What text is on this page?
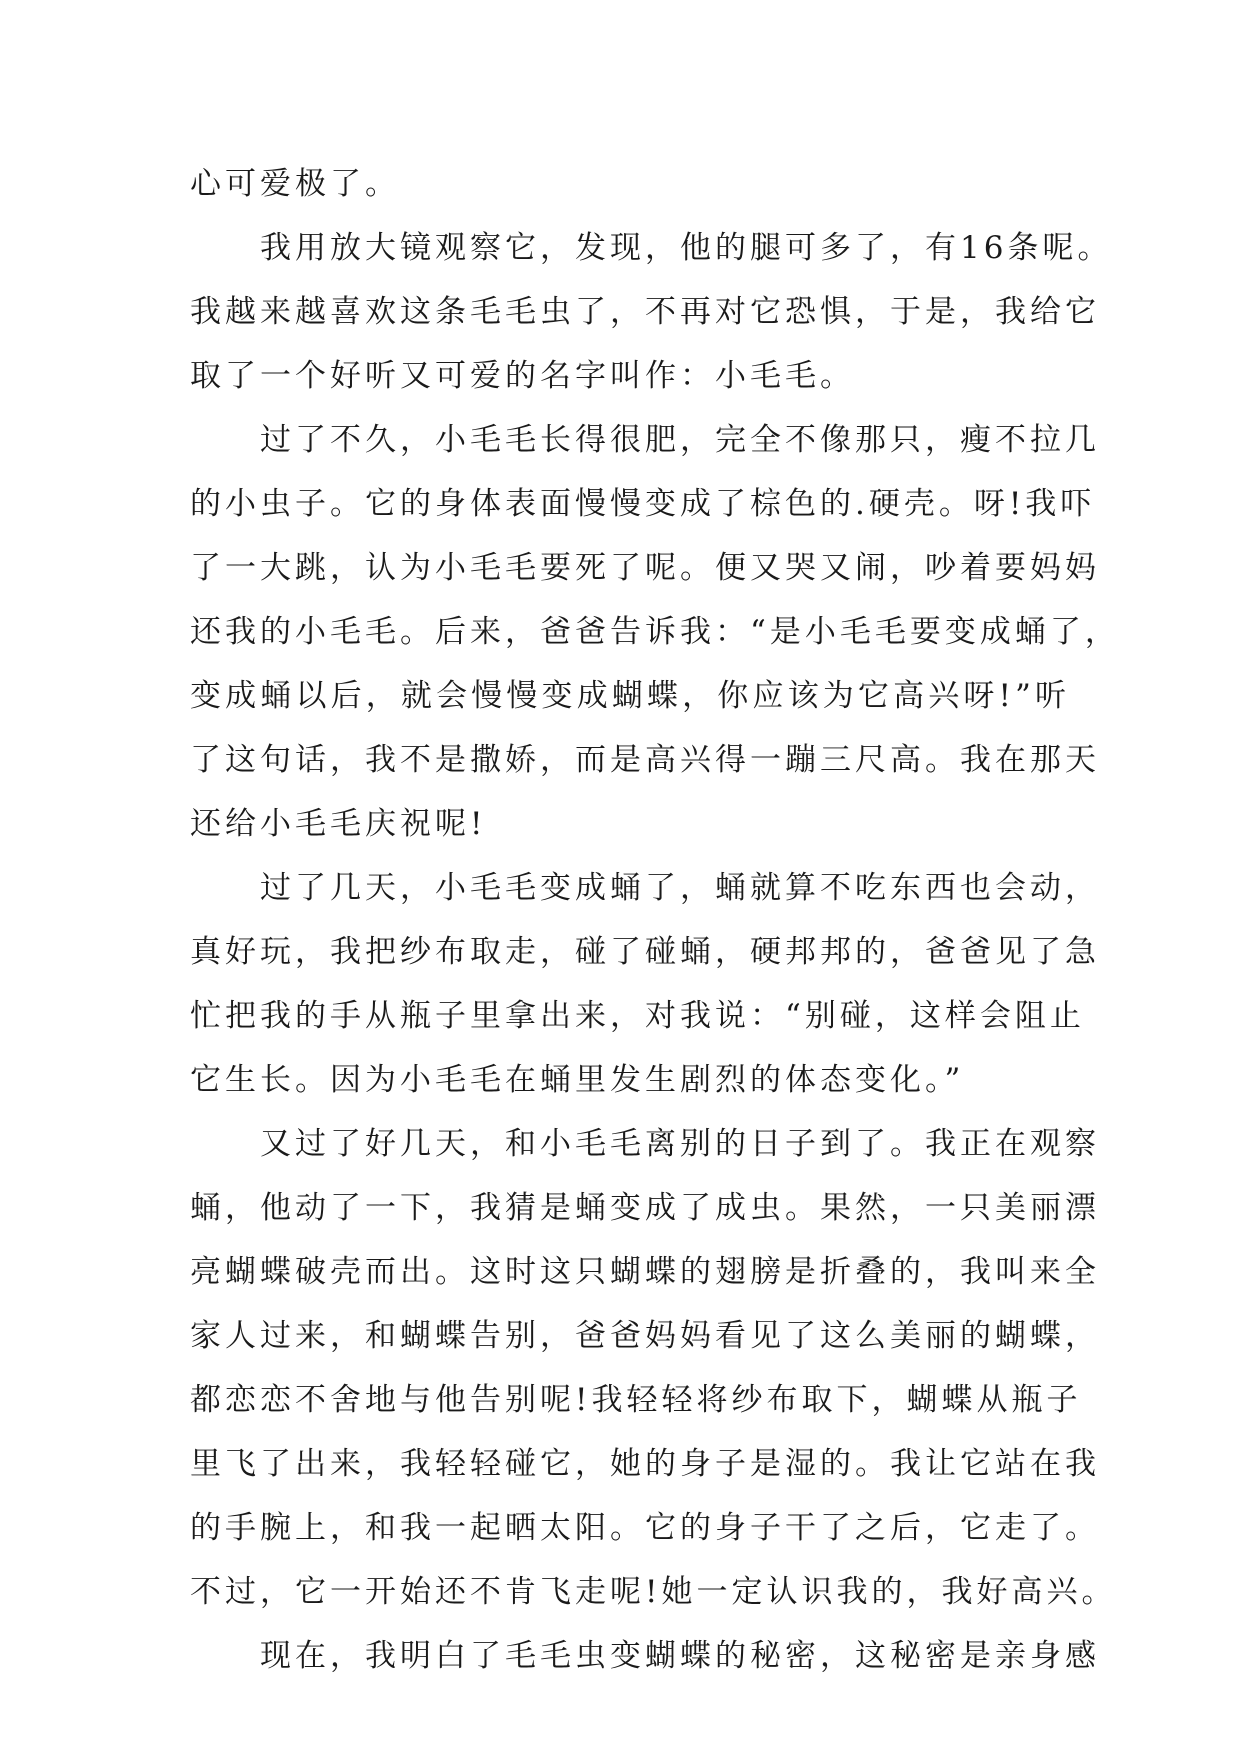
心可爱极了。
我用放大镜观察它，发现，他的腿可多了，有16条呢。
我越来越喜欢这条毛毛虫了，不再对它恐惧，于是，我给它
取了一个好听又可爱的名字叫作：小毛毛。
过了不久，小毛毛长得很肥，完全不像那只，瘦不拉几
的小虫子。它的身体表面慢慢变成了棕色的.硬壳。呀!我吓
了一大跳，认为小毛毛要死了呢。便又哭又闹，吵着要妈妈
还我的小毛毛。后来，爸爸告诉我：“是小毛毛要变成蛹了，
变成蛹以后，就会慢慢变成蝴蝶，你应该为它高兴呀!”听
了这句话，我不是撒娇，而是高兴得一蹦三尺高。我在那天
还给小毛毛庆祝呢!
过了几天，小毛毛变成蛹了，蛹就算不吃东西也会动，
真好玩，我把纱布取走，碰了碰蛹，硬邦邦的，爸爸见了急
忙把我的手从瓶子里拿出来，对我说：“别碰，这样会阻止
它生长。因为小毛毛在蛹里发生剧烈的体态变化。”
又过了好几天，和小毛毛离别的日子到了。我正在观察
蛹，他动了一下，我猜是蛹变成了成虫。果然，一只美丽漂
亮蝴蝶破壳而出。这时这只蝴蝶的翅膀是折叠的，我叫来全
家人过来，和蝴蝶告别，爸爸妈妈看见了这么美丽的蝴蝶，
都恋恋不舍地与他告别呢!我轻轻将纱布取下，蝴蝶从瓶子
里飞了出来，我轻轻碰它，她的身子是湿的。我让它站在我
的手腕上，和我一起晒太阳。它的身子干了之后，它走了。
不过，它一开始还不肯飞走呢!她一定认识我的，我好高兴。
现在，我明白了毛毛虫变蝴蝶的秘密，这秘密是亲身感
